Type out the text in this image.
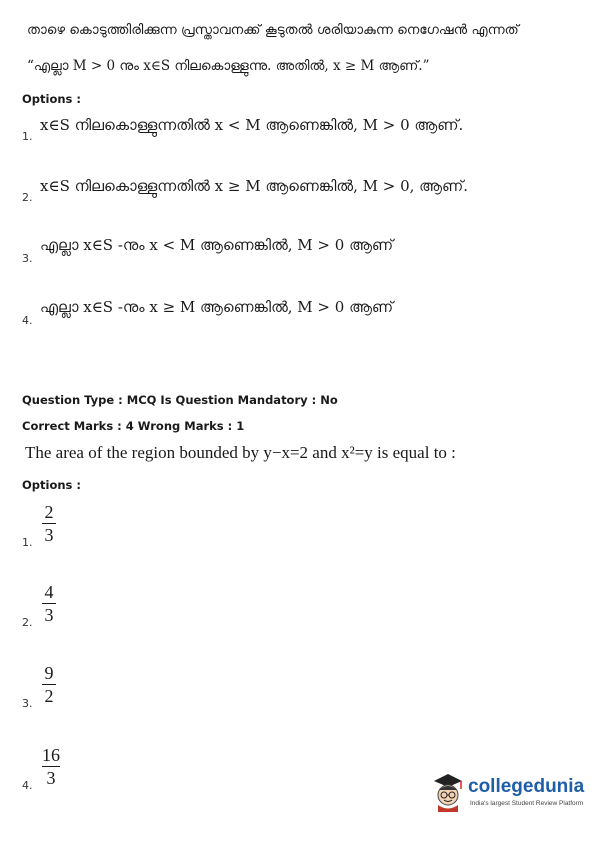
താഴെ കൊടുത്തിരിക്കുന്ന പ്രസ്താവനക്ക് കൂടുതൽ ശരിയാകുന്ന നെഗേഷൻ എന്നത്
“എല്ലാ M > 0 നും x∈S നിലകൊള്ളുന്നു. അതിൽ, x ≥ M ആണ്.”
Options :
1.
x∈S നിലകൊള്ളുന്നതിൽ x < M ആണെങ്കിൽ, M > 0 ആണ്.
2.
x∈S നിലകൊള്ളുന്നതിൽ x ≥ M ആണെങ്കിൽ, M > 0, ആണ്.
3.
എല്ലാ x∈S -നും x < M ആണെങ്കിൽ, M > 0 ആണ്
4.
എല്ലാ x∈S -നും x ≥ M ആണെങ്കിൽ, M > 0 ആണ്
Question Type : MCQ Is Question Mandatory : No
Correct Marks : 4 Wrong Marks : 1
The area of the region bounded by y−x=2 and x²=y is equal to :
Options :
1.
2
3
2.
4
3
3.
9
2
4.
16
3	collegedunia
India's largest Student Review Platform
